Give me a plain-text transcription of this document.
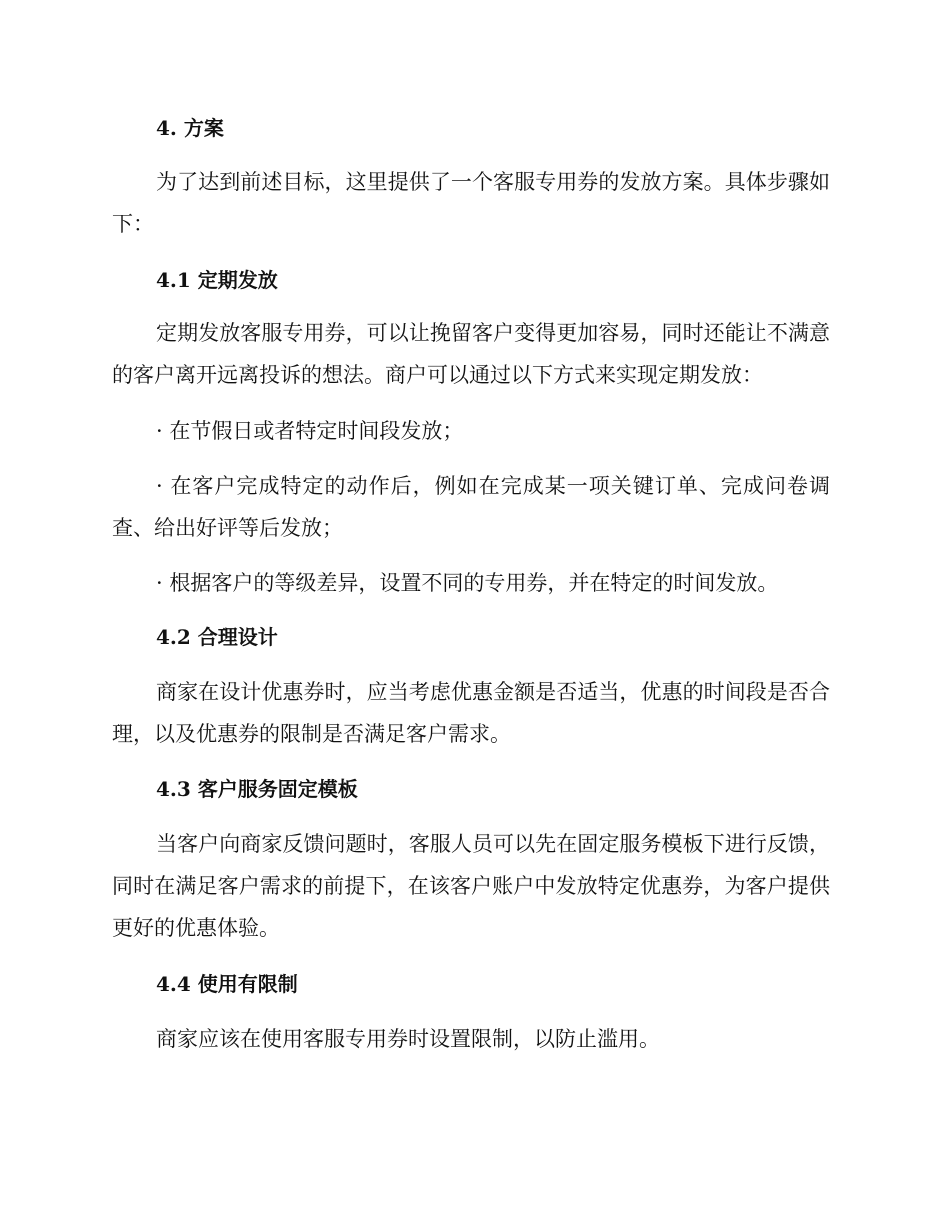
4. 方案

为了达到前述目标，这里提供了一个客服专用券的发放方案。具体步骤如下：

4.1 定期发放

定期发放客服专用券，可以让挽留客户变得更加容易，同时还能让不满意的客户离开远离投诉的想法。商户可以通过以下方式来实现定期发放：

· 在节假日或者特定时间段发放；

· 在客户完成特定的动作后，例如在完成某一项关键订单、完成问卷调查、给出好评等后发放；

· 根据客户的等级差异，设置不同的专用券，并在特定的时间发放。

4.2 合理设计

商家在设计优惠券时，应当考虑优惠金额是否适当，优惠的时间段是否合理，以及优惠券的限制是否满足客户需求。

4.3 客户服务固定模板

当客户向商家反馈问题时，客服人员可以先在固定服务模板下进行反馈，同时在满足客户需求的前提下，在该客户账户中发放特定优惠券，为客户提供更好的优惠体验。

4.4 使用有限制

商家应该在使用客服专用券时设置限制，以防止滥用。
